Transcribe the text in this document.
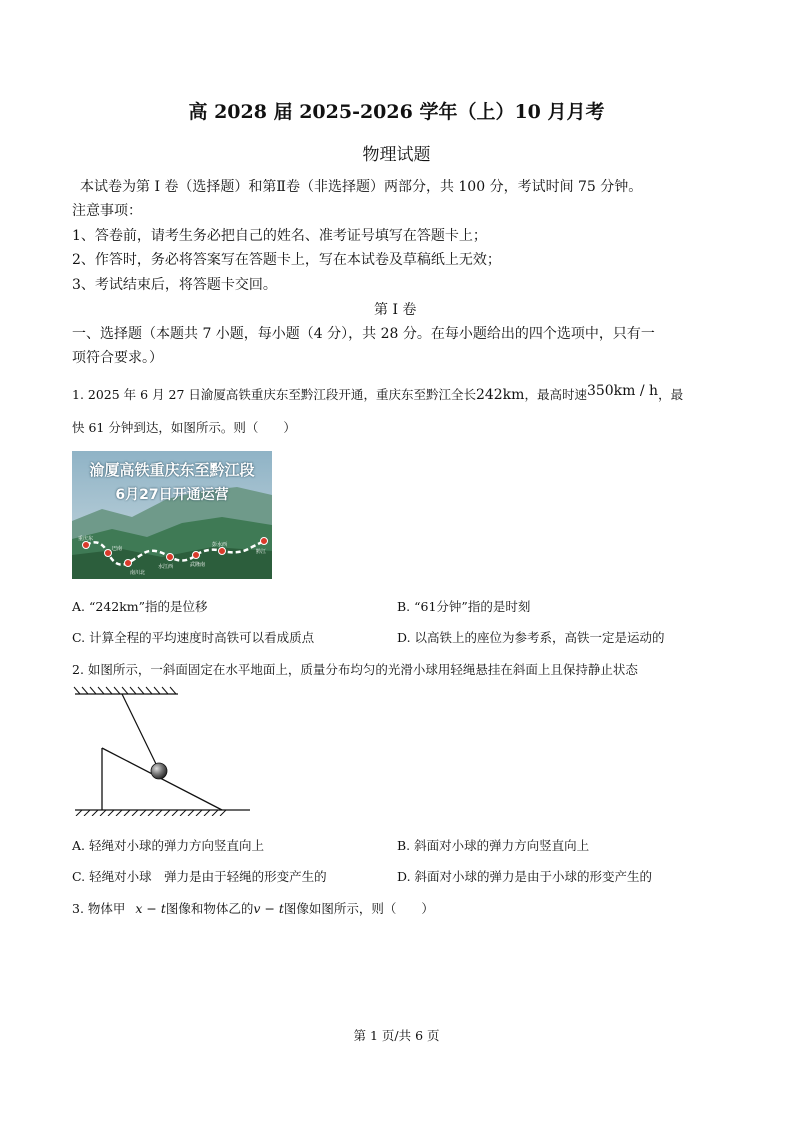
高 2028 届 2025-2026 学年（上）10 月月考
物理试题
本试卷为第 I 卷（选择题）和第Ⅱ卷（非选择题）两部分，共 100 分，考试时间 75 分钟。
注意事项：
1、答卷前，请考生务必把自己的姓名、准考证号填写在答题卡上；
2、作答时，务必将答案写在答题卡上，写在本试卷及草稿纸上无效；
3、考试结束后，将答题卡交回。
第 I 卷
一、选择题（本题共 7 小题，每小题（4 分），共 28 分。在每小题给出的四个选项中，只有一
项符合要求。）
1. 2025 年 6 月 27 日渝厦高铁重庆东至黔江段开通，重庆东至黔江全长242km，最高时速350km / h，最
快 61 分钟到达，如图所示。则（　　）
渝厦高铁重庆东至黔江段
6月27日开通运营
重庆东
巴南
南川北
水江西	武隆南
彭水西
黔江
A. “242km”指的是位移	B. “61分钟”指的是时刻
C. 计算全程的平均速度时高铁可以看成质点	D. 以高铁上的座位为参考系，高铁一定是运动的
2. 如图所示，一斜面固定在水平地面上，质量分布均匀的光滑小球用轻绳悬挂在斜面上且保持静止状态
A. 轻绳对小球的弹力方向竖直向上	B. 斜面对小球的弹力方向竖直向上
C. 轻绳对小球　弹力是由于轻绳的形变产生的	D. 斜面对小球的弹力是由于小球的形变产生的
3. 物体甲 x − t图像和物体乙的v − t图像如图所示，则（　　）
第 1 页/共 6 页
